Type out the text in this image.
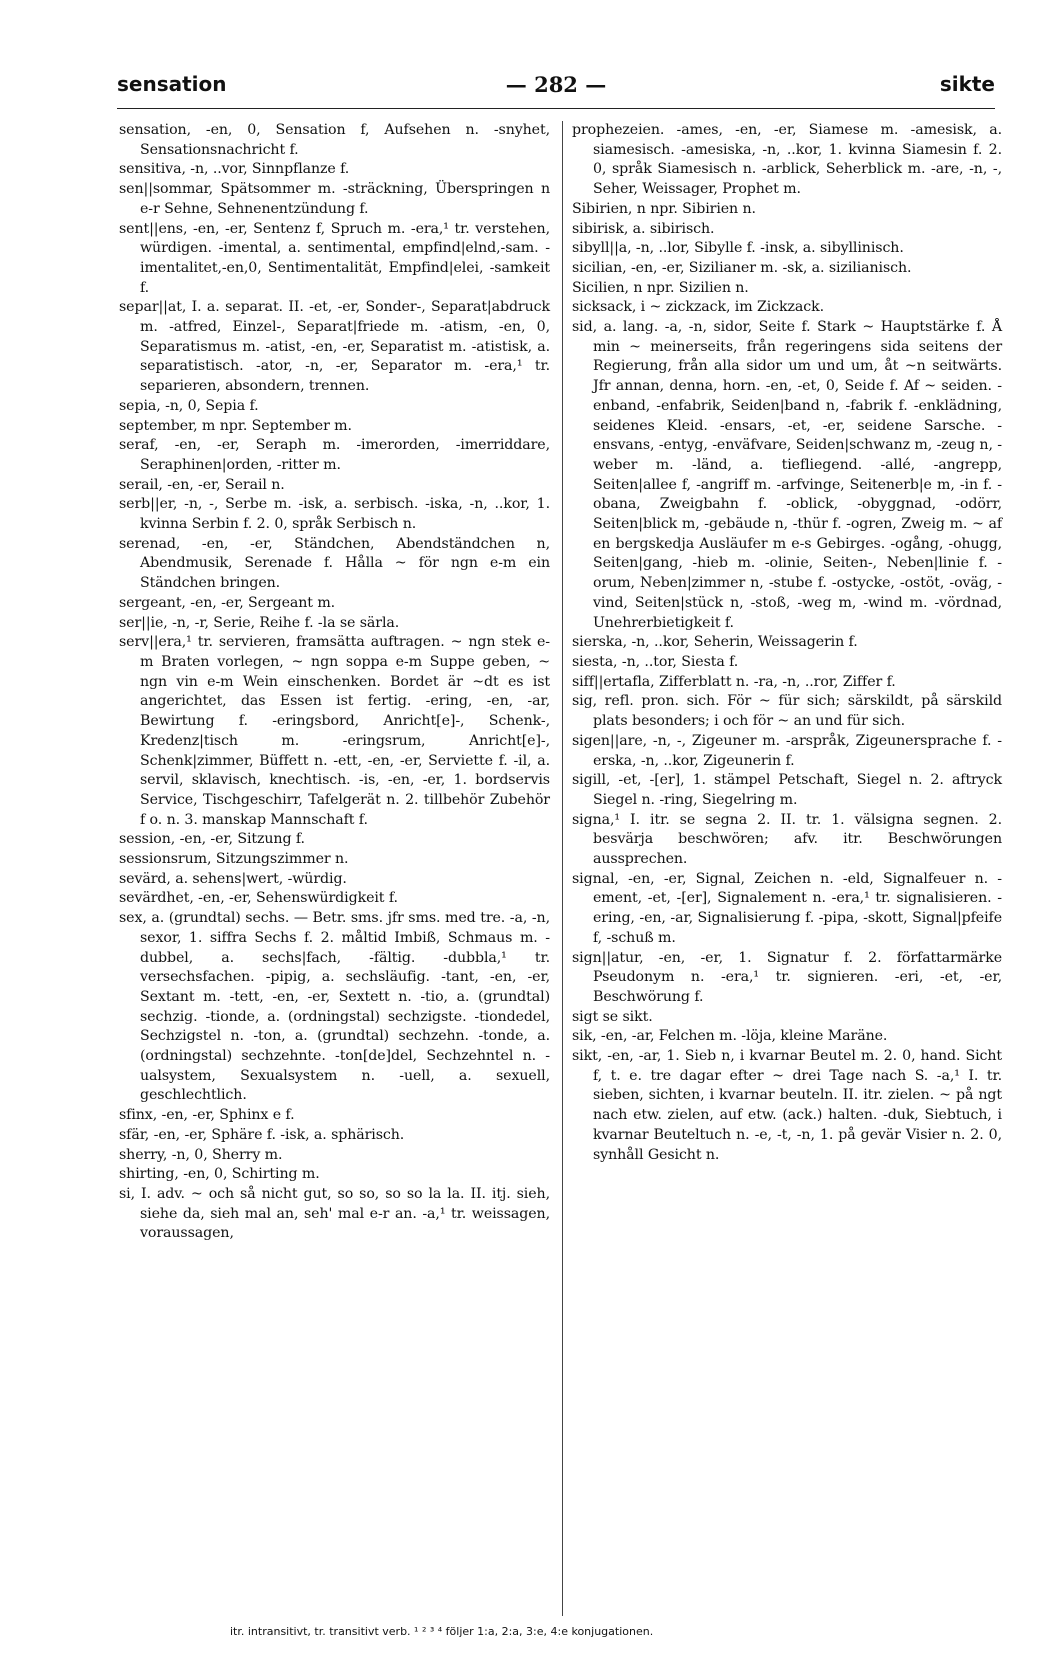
sensation	— 282 —	sikte

sensation, -en, 0, Sensation f, Aufsehen n. -snyhet, Sensationsnachricht f.

sensitiva, -n, ..vor, Sinnpflanze f.

sen||sommar, Spätsommer m. -sträckning, Überspringen n e-r Sehne, Sehnenentzündung f.

sent||ens, -en, -er, Sentenz f, Spruch m. -era,¹ tr. verstehen, würdigen. -imental, a. sentimental, empfind|elnd,-sam. -imentalitet,-en,0, Sentimentalität, Empfind|elei, -samkeit f.

separ||at, I. a. separat. II. -et, -er, Sonder-, Separat|abdruck m. -atfred, Einzel-, Separat|friede m. -atism, -en, 0, Separatismus m. -atist, -en, -er, Separatist m. -atistisk, a. separatistisch. -ator, -n, -er, Separator m. -era,¹ tr. separieren, absondern, trennen.

sepia, -n, 0, Sepia f.

september, m npr. September m.

seraf, -en, -er, Seraph m. -imerorden, -imerriddare, Seraphinen|orden, -ritter m.

serail, -en, -er, Serail n.

serb||er, -n, -, Serbe m. -isk, a. serbisch. -iska, -n, ..kor, 1. kvinna Serbin f. 2. 0, språk Serbisch n.

serenad, -en, -er, Ständchen, Abendständchen n, Abendmusik, Serenade f. Hålla ~ för ngn e-m ein Ständchen bringen.

sergeant, -en, -er, Sergeant m.

ser||ie, -n, -r, Serie, Reihe f. -la se särla.

serv||era,¹ tr. servieren, framsätta auftragen. ~ ngn stek e-m Braten vorlegen, ~ ngn soppa e-m Suppe geben, ~ ngn vin e-m Wein einschenken. Bordet är ~dt es ist angerichtet, das Essen ist fertig. -ering, -en, -ar, Bewirtung f. -eringsbord, Anricht[e]-, Schenk-, Kredenz|tisch m. -eringsrum, Anricht[e]-, Schenk|zimmer, Büffett n. -ett, -en, -er, Serviette f. -il, a. servil, sklavisch, knechtisch. -is, -en, -er, 1. bordservis Service, Tischgeschirr, Tafelgerät n. 2. tillbehör Zubehör f o. n. 3. manskap Mannschaft f.

session, -en, -er, Sitzung f.

sessionsrum, Sitzungszimmer n.

sevärd, a. sehens|wert, -würdig.

sevärdhet, -en, -er, Sehenswürdigkeit f.

sex, a. (grundtal) sechs. — Betr. sms. jfr sms. med tre. -a, -n, sexor, 1. siffra Sechs f. 2. måltid Imbiß, Schmaus m. -dubbel, a. sechs|fach, -fältig. -dubbla,¹ tr. versechsfachen. -pipig, a. sechsläufig. -tant, -en, -er, Sextant m. -tett, -en, -er, Sextett n. -tio, a. (grundtal) sechzig. -tionde, a. (ordningstal) sechzigste. -tiondedel, Sechzigstel n. -ton, a. (grundtal) sechzehn. -tonde, a. (ordningstal) sechzehnte. -ton[de]del, Sechzehntel n. -ualsystem, Sexualsystem n. -uell, a. sexuell, geschlechtlich.

sfinx, -en, -er, Sphinx e f.

sfär, -en, -er, Sphäre f. -isk, a. sphärisch.

sherry, -n, 0, Sherry m.

shirting, -en, 0, Schirting m.

si, I. adv. ~ och så nicht gut, so so, so so la la. II. itj. sieh, siehe da, sieh mal an, seh' mal e-r an. -a,¹ tr. weissagen, voraussagen,

prophezeien. -ames, -en, -er, Siamese m. -amesisk, a. siamesisch. -amesiska, -n, ..kor, 1. kvinna Siamesin f. 2. 0, språk Siamesisch n. -arblick, Seherblick m. -are, -n, -, Seher, Weissager, Prophet m.

Sibirien, n npr. Sibirien n.

sibirisk, a. sibirisch.

sibyll||a, -n, ..lor, Sibylle f. -insk, a. sibyllinisch.

sicilian, -en, -er, Sizilianer m. -sk, a. sizilianisch.

Sicilien, n npr. Sizilien n.

sicksack, i ~ zickzack, im Zickzack.

sid, a. lang. -a, -n, sidor, Seite f. Stark ~ Hauptstärke f. Å min ~ meinerseits, från regeringens sida seitens der Regierung, från alla sidor um und um, åt ~n seitwärts. Jfr annan, denna, horn. -en, -et, 0, Seide f. Af ~ seiden. -enband, -enfabrik, Seiden|band n, -fabrik f. -enklädning, seidenes Kleid. -ensars, -et, -er, seidene Sarsche. -ensvans, -entyg, -enväfvare, Seiden|schwanz m, -zeug n, -weber m. -länd, a. tiefliegend. -allé, -angrepp, Seiten|allee f, -angriff m. -arfvinge, Seitenerb|e m, -in f. -obana, Zweigbahn f. -oblick, -obyggnad, -odörr, Seiten|blick m, -gebäude n, -thür f. -ogren, Zweig m. ~ af en bergskedja Ausläufer m e-s Gebirges. -ogång, -ohugg, Seiten|gang, -hieb m. -olinie, Seiten-, Neben|linie f. -orum, Neben|zimmer n, -stube f. -ostycke, -ostöt, -oväg, -vind, Seiten|stück n, -stoß, -weg m, -wind m. -vördnad, Unehrerbietigkeit f.

sierska, -n, ..kor, Seherin, Weissagerin f.

siesta, -n, ..tor, Siesta f.

siff||ertafla, Zifferblatt n. -ra, -n, ..ror, Ziffer f.

sig, refl. pron. sich. För ~ für sich; särskildt, på särskild plats besonders; i och för ~ an und für sich.

sigen||are, -n, -, Zigeuner m. -arspråk, Zigeunersprache f. -erska, -n, ..kor, Zigeunerin f.

sigill, -et, -[er], 1. stämpel Petschaft, Siegel n. 2. aftryck Siegel n. -ring, Siegelring m.

signa,¹ I. itr. se segna 2. II. tr. 1. välsigna segnen. 2. besvärja beschwören; afv. itr. Beschwörungen aussprechen.

signal, -en, -er, Signal, Zeichen n. -eld, Signalfeuer n. -ement, -et, -[er], Signalement n. -era,¹ tr. signalisieren. -ering, -en, -ar, Signalisierung f. -pipa, -skott, Signal|pfeife f, -schuß m.

sign||atur, -en, -er, 1. Signatur f. 2. författarmärke Pseudonym n. -era,¹ tr. signieren. -eri, -et, -er, Beschwörung f.

sigt se sikt.

sik, -en, -ar, Felchen m. -löja, kleine Maräne.

sikt, -en, -ar, 1. Sieb n, i kvarnar Beutel m. 2. 0, hand. Sicht f, t. e. tre dagar efter ~ drei Tage nach S. -a,¹ I. tr. sieben, sichten, i kvarnar beuteln. II. itr. zielen. ~ på ngt nach etw. zielen, auf etw. (ack.) halten. -duk, Siebtuch, i kvarnar Beuteltuch n. -e, -t, -n, 1. på gevär Visier n. 2. 0, synhåll Gesicht n.

itr. intransitivt, tr. transitivt verb. ¹ ² ³ ⁴ följer 1:a, 2:a, 3:e, 4:e konjugationen.
